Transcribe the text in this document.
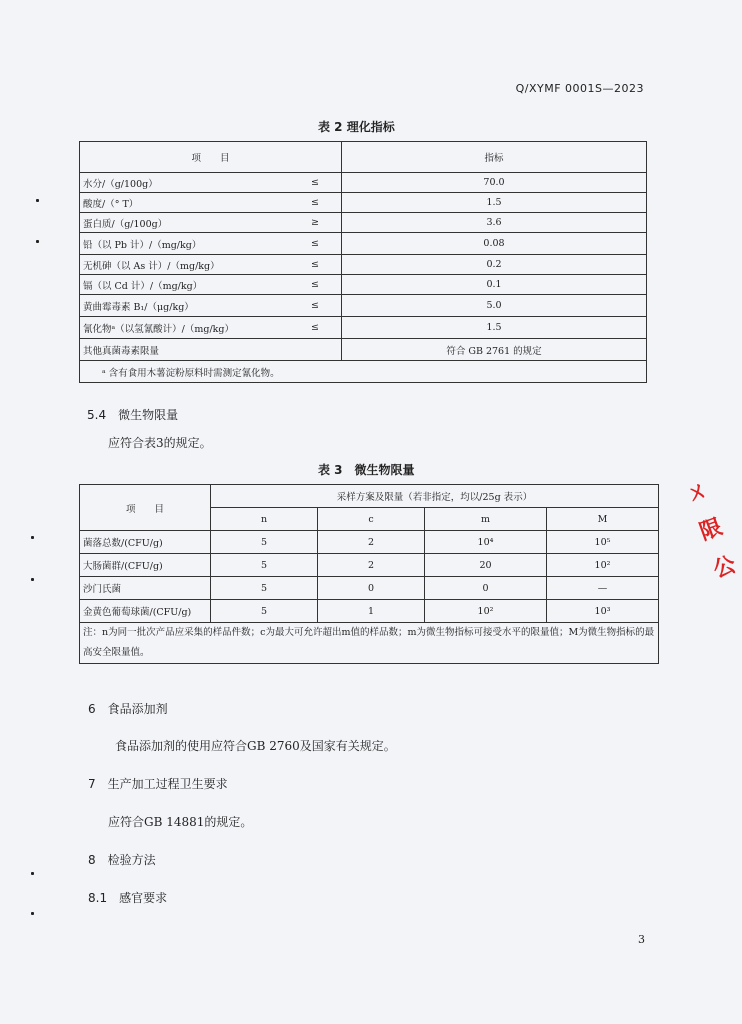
Q/XYMF 0001S—2023
表 2 理化指标
项　　目		指标
水分/（g/100g）	≤	70.0
酸度/（° T）	≤	1.5
蛋白质/（g/100g）	≥	3.6
铅（以 Pb 计）/（mg/kg）	≤	0.08
无机砷（以 As 计）/（mg/kg）	≤	0.2
镉（以 Cd 计）/（mg/kg）	≤	0.1
黄曲霉毒素 B₁/（μg/kg）	≤	5.0
氰化物ᵃ（以氢氰酸计）/（mg/kg）	≤	1.5
其他真菌毒素限量		符合 GB 2761 的规定
ᵃ 含有食用木薯淀粉原料时需测定氰化物。		
5.4　微生物限量
应符合表3的规定。
表 3　微生物限量
项　　目	采样方案及限量（若非指定，均以/25g 表示）			
	n	c	m	M
菌落总数/(CFU/g)	5	2	10⁴	10⁵
大肠菌群/(CFU/g)	5	2	20	10²
沙门氏菌	5	0	0	—
金黄色葡萄球菌/(CFU/g)	5	1	10²	10³
注：n为同一批次产品应采集的样品件数；c为最大可允许超出m值的样品数；m为微生物指标可接受水平的限量值；M为微生物指标的最高安全限量值。				
6　食品添加剂
食品添加剂的使用应符合GB 2760及国家有关规定。
7　生产加工过程卫生要求
应符合GB 14881的规定。
8　检验方法
8.1　感官要求
3
ㄨ 限 公
